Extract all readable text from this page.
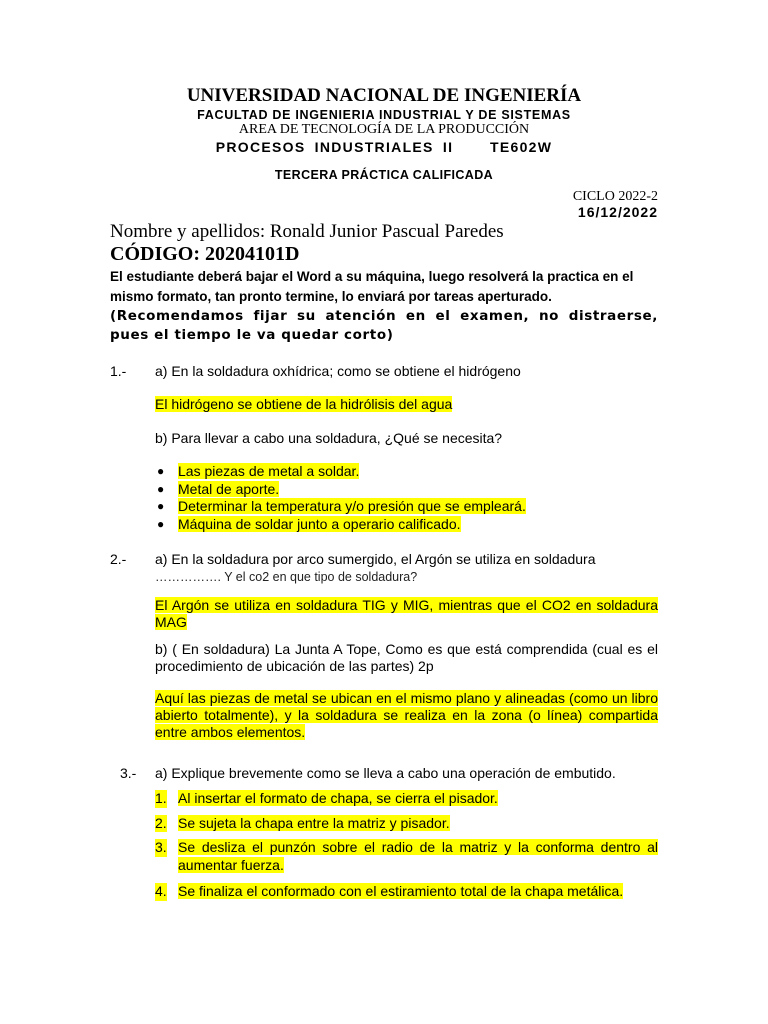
UNIVERSIDAD NACIONAL DE INGENIERÍA
FACULTAD DE INGENIERIA INDUSTRIAL Y DE SISTEMAS
AREA DE TECNOLOGÍA DE LA PRODUCCIÓN
PROCESOS INDUSTRIALES II    TE602W
TERCERA PRÁCTICA CALIFICADA
CICLO 2022-2
16/12/2022
Nombre y apellidos: Ronald Junior Pascual Paredes
CÓDIGO: 20204101D
El estudiante deberá bajar el Word a su máquina, luego resolverá la practica en el mismo formato, tan pronto termine, lo enviará por tareas aperturado.
(Recomendamos fijar su atención en el examen, no distraerse, pues el tiempo le va quedar corto)
1.- a) En la soldadura oxhídrica; como se obtiene el hidrógeno
El hidrógeno se obtiene de la hidrólisis del agua
b) Para llevar a cabo una soldadura, ¿Qué se necesita?
● Las piezas de metal a soldar.
● Metal de aporte.
● Determinar la temperatura y/o presión que se empleará.
● Máquina de soldar junto a operario calificado.
2.- a) En la soldadura por arco sumergido, el Argón se utiliza en soldadura
……………. Y el co2 en que tipo de soldadura?
El Argón se utiliza en soldadura TIG y MIG, mientras que el CO2 en soldadura MAG
b) ( En soldadura) La Junta A Tope, Como es que está comprendida (cual es el procedimiento de ubicación de las partes) 2p
Aquí las piezas de metal se ubican en el mismo plano y alineadas (como un libro abierto totalmente), y la soldadura se realiza en la zona (o línea) compartida entre ambos elementos.
3.- a) Explique brevemente como se lleva a cabo una operación de embutido.
1. Al insertar el formato de chapa, se cierra el pisador.
2. Se sujeta la chapa entre la matriz y pisador.
3. Se desliza el punzón sobre el radio de la matriz y la conforma dentro al aumentar fuerza.
4. Se finaliza el conformado con el estiramiento total de la chapa metálica.
